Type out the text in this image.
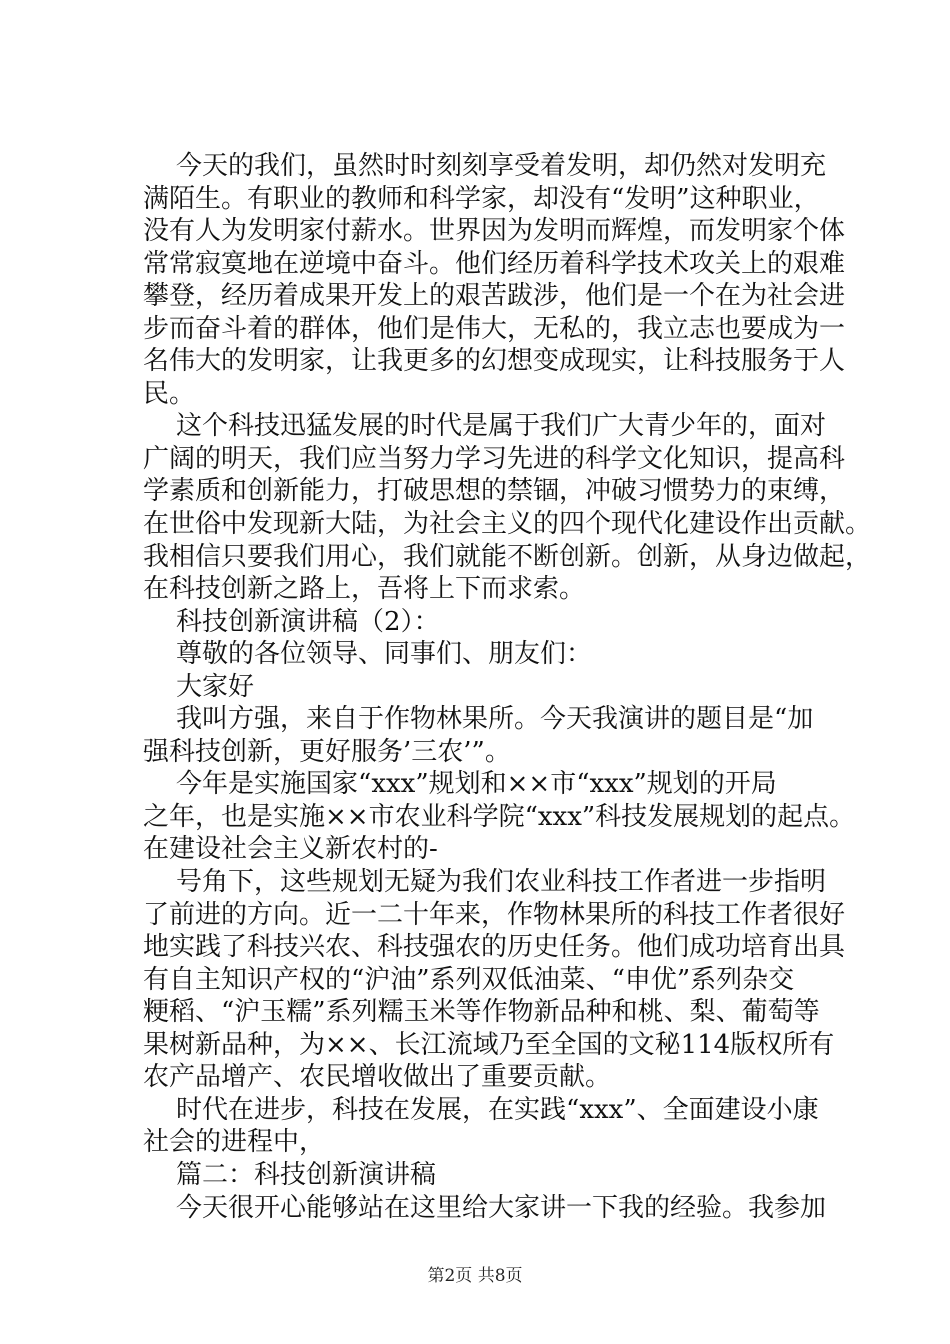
今天的我们，虽然时时刻刻享受着发明，却仍然对发明充
满陌生。有职业的教师和科学家，却没有“发明”这种职业，
没有人为发明家付薪水。世界因为发明而辉煌，而发明家个体
常常寂寞地在逆境中奋斗。他们经历着科学技术攻关上的艰难
攀登，经历着成果开发上的艰苦跋涉，他们是一个在为社会进
步而奋斗着的群体，他们是伟大，无私的，我立志也要成为一
名伟大的发明家，让我更多的幻想变成现实，让科技服务于人
民。
这个科技迅猛发展的时代是属于我们广大青少年的，面对
广阔的明天，我们应当努力学习先进的科学文化知识，提高科
学素质和创新能力，打破思想的禁锢，冲破习惯势力的束缚，
在世俗中发现新大陆，为社会主义的四个现代化建设作出贡献。
我相信只要我们用心，我们就能不断创新。创新，从身边做起，
在科技创新之路上，吾将上下而求索。
科技创新演讲稿（2）：
尊敬的各位领导、同事们、朋友们：
大家好
我叫方强，来自于作物林果所。今天我演讲的题目是“加
强科技创新，更好服务’三农’”。
今年是实施国家“xxx”规划和××市“xxx”规划的开局
之年，也是实施××市农业科学院“xxx”科技发展规划的起点。
在建设社会主义新农村的-
号角下，这些规划无疑为我们农业科技工作者进一步指明
了前进的方向。近一二十年来，作物林果所的科技工作者很好
地实践了科技兴农、科技强农的历史任务。他们成功培育出具
有自主知识产权的“沪油”系列双低油菜、“申优”系列杂交
粳稻、“沪玉糯”系列糯玉米等作物新品种和桃、梨、葡萄等
果树新品种，为××、长江流域乃至全国的文秘114版权所有
农产品增产、农民增收做出了重要贡献。
时代在进步，科技在发展，在实践“xxx”、全面建设小康
社会的进程中，
篇二：科技创新演讲稿
今天很开心能够站在这里给大家讲一下我的经验。我参加
第2页 共8页
